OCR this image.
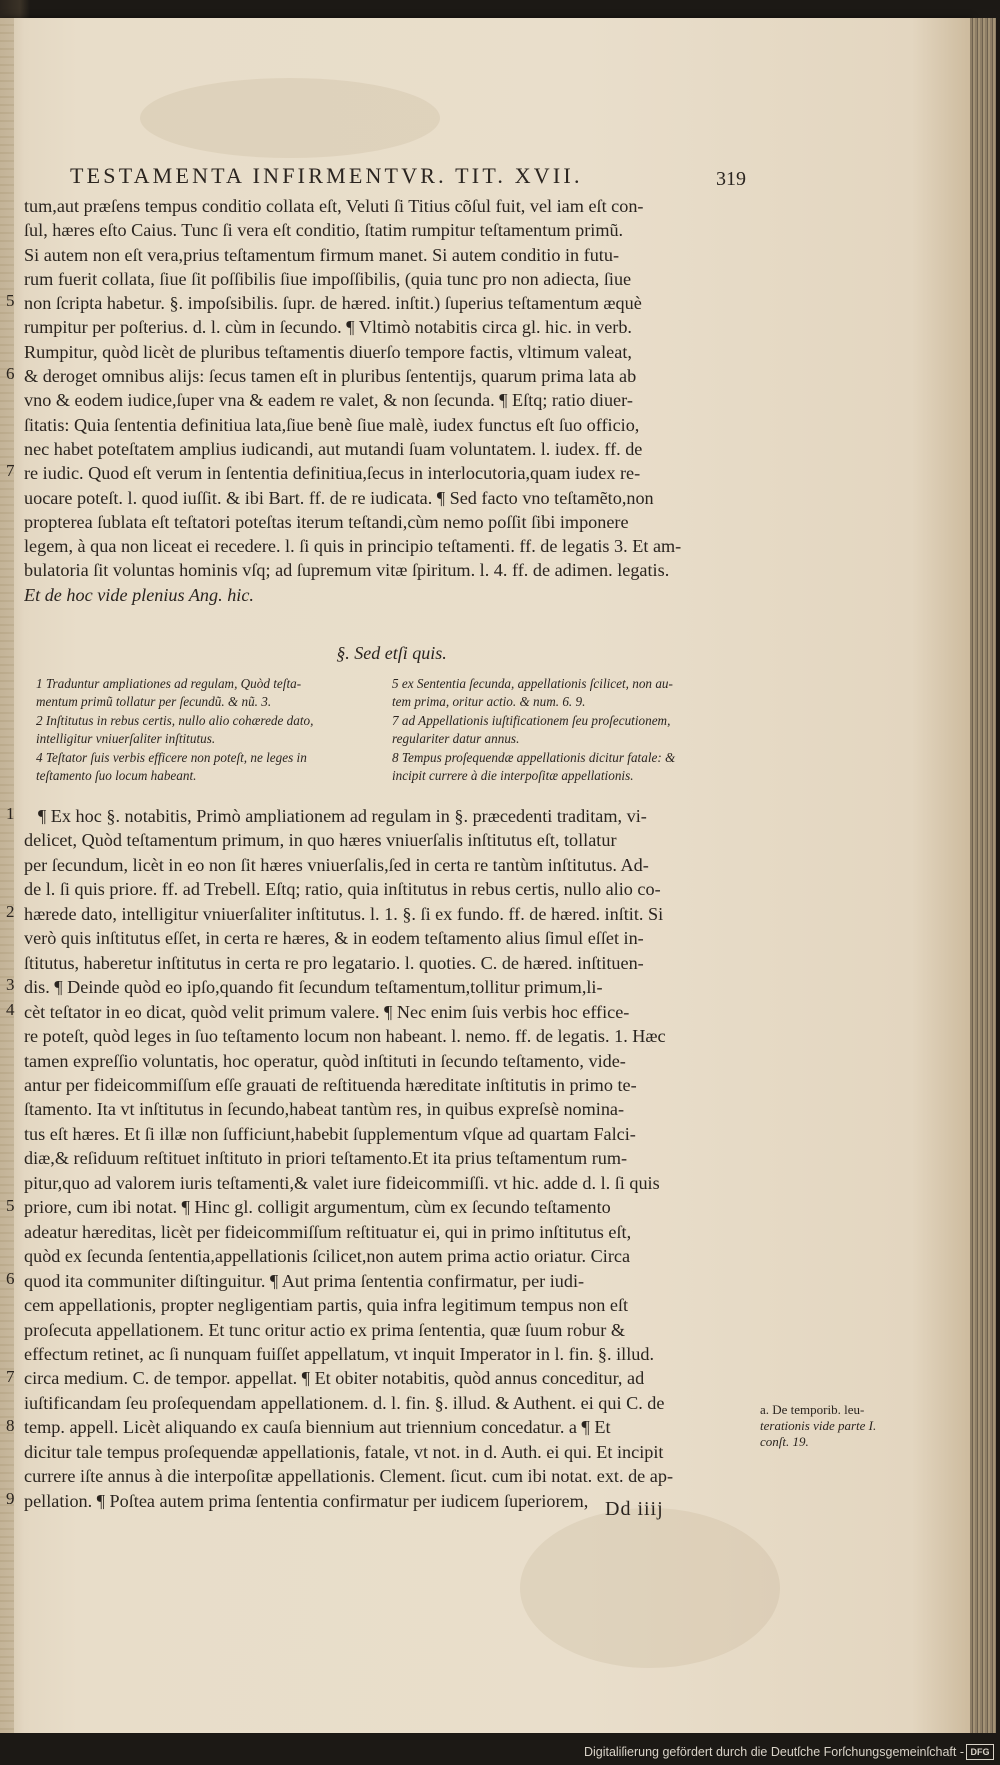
TESTAMENTA INFIRMENTVR. TIT. XVII.	319

tum,aut præſens tempus conditio collata eſt, Veluti ſi Titius cõſul fuit, vel iam eſt con-

ſul, hæres eſto Caius. Tunc ſi vera eſt conditio, ſtatim rumpitur teſtamentum primũ.

Si autem non eſt vera,prius teſtamentum firmum manet. Si autem conditio in futu-

rum fuerit collata, ſiue ſit poſſibilis ſiue impoſſibilis, (quia tunc pro non adiecta, ſiue

non ſcripta habetur. §. impoſsibilis. ſupr. de hæred. inſtit.) ſuperius teſtamentum æquè

rumpitur per poſterius. d. l. cùm in ſecundo. ¶ Vltimò notabitis circa gl. hic. in verb.

Rumpitur, quòd licèt de pluribus teſtamentis diuerſo tempore factis, vltimum valeat,

& deroget omnibus alijs: ſecus tamen eſt in pluribus ſententijs, quarum prima lata ab

vno & eodem iudice,ſuper vna & eadem re valet, & non ſecunda. ¶ Eſtq; ratio diuer-

ſitatis: Quia ſententia definitiua lata,ſiue benè ſiue malè, iudex functus eſt ſuo officio,

nec habet poteſtatem amplius iudicandi, aut mutandi ſuam voluntatem. l. iudex. ff. de

re iudic. Quod eſt verum in ſententia definitiua,ſecus in interlocutoria,quam iudex re-

uocare poteſt. l. quod iuſſit. & ibi Bart. ff. de re iudicata. ¶ Sed facto vno teſtamẽto,non

propterea ſublata eſt teſtatori poteſtas iterum teſtandi,cùm nemo poſſit ſibi imponere

legem, à qua non liceat ei recedere. l. ſi quis in principio teſtamenti. ff. de legatis 3. Et am-

bulatoria ſit voluntas hominis vſq; ad ſupremum vitæ ſpiritum. l. 4. ff. de adimen. legatis.

Et de hoc vide plenius Ang. hic.

5
6
7
§. Sed etſi quis.

1 Traduntur ampliationes ad regulam, Quòd teſta-

mentum primũ tollatur per ſecundũ. & nũ. 3.

2 Inſtitutus in rebus certis, nullo alio cohærede dato,

intelligitur vniuerſaliter inſtitutus.

4 Teſtator ſuis verbis efficere non poteſt, ne leges in

teſtamento ſuo locum habeant.

5 ex Sententia ſecunda, appellationis ſcilicet, non au-

tem prima, oritur actio. & num. 6. 9.

7 ad Appellationis iuſtificationem ſeu proſecutionem,

regulariter datur annus.

8 Tempus proſequendæ appellationis dicitur fatale: &

incipit currere à die interpoſitæ appellationis.

¶ Ex hoc §. notabitis, Primò ampliationem ad regulam in §. præcedenti traditam, vi-

delicet, Quòd teſtamentum primum, in quo hæres vniuerſalis inſtitutus eſt, tollatur

per ſecundum, licèt in eo non ſit hæres vniuerſalis,ſed in certa re tantùm inſtitutus. Ad-

de l. ſi quis priore. ff. ad Trebell. Eſtq; ratio, quia inſtitutus in rebus certis, nullo alio co-

hærede dato, intelligitur vniuerſaliter inſtitutus. l. 1. §. ſi ex fundo. ff. de hæred. inſtit. Si

verò quis inſtitutus eſſet, in certa re hæres, & in eodem teſtamento alius ſimul eſſet in-

ſtitutus, haberetur inſtitutus in certa re pro legatario. l. quoties. C. de hæred. inſtituen-

dis. ¶ Deinde quòd eo ipſo,quando fit ſecundum teſtamentum,tollitur primum,li-

cèt teſtator in eo dicat, quòd velit primum valere. ¶ Nec enim ſuis verbis hoc effice-

re poteſt, quòd leges in ſuo teſtamento locum non habeant. l. nemo. ff. de legatis. 1. Hæc

tamen expreſſio voluntatis, hoc operatur, quòd inſtituti in ſecundo teſtamento, vide-

antur per fideicommiſſum eſſe grauati de reſtituenda hæreditate inſtitutis in primo te-

ſtamento. Ita vt inſtitutus in ſecundo,habeat tantùm res, in quibus expreſsè nomina-

tus eſt hæres. Et ſi illæ non ſufficiunt,habebit ſupplementum vſque ad quartam Falci-

diæ,& reſiduum reſtituet inſtituto in priori teſtamento.Et ita prius teſtamentum rum-

pitur,quo ad valorem iuris teſtamenti,& valet iure fideicommiſſi. vt hic. adde d. l. ſi quis

priore, cum ibi notat. ¶ Hinc gl. colligit argumentum, cùm ex ſecundo teſtamento

adeatur hæreditas, licèt per fideicommiſſum reſtituatur ei, qui in primo inſtitutus eſt,

quòd ex ſecunda ſententia,appellationis ſcilicet,non autem prima actio oriatur. Circa

quod ita communiter diſtinguitur. ¶ Aut prima ſententia confirmatur, per iudi-

cem appellationis, propter negligentiam partis, quia infra legitimum tempus non eſt

proſecuta appellationem. Et tunc oritur actio ex prima ſententia, quæ ſuum robur &

effectum retinet, ac ſi nunquam fuiſſet appellatum, vt inquit Imperator in l. fin. §. illud.

circa medium. C. de tempor. appellat. ¶ Et obiter notabitis, quòd annus conceditur, ad

iuſtificandam ſeu proſequendam appellationem. d. l. fin. §. illud. & Authent. ei qui C. de

temp. appell. Licèt aliquando ex cauſa biennium aut triennium concedatur. a ¶ Et

dicitur tale tempus proſequendæ appellationis, fatale, vt not. in d. Auth. ei qui. Et incipit

currere iſte annus à die interpoſitæ appellationis. Clement. ſicut. cum ibi notat. ext. de ap-

pellation. ¶ Poſtea autem prima ſententia confirmatur per iudicem ſuperiorem,

1
2
3
4
5
6
7
8
9
a. De temporib. leu-
terationis vide parte I.
conſt. 19.
Dd iiij
Digitaliſierung gefördert durch die Deutſche Forſchungsgemeinſchaft - DFG
